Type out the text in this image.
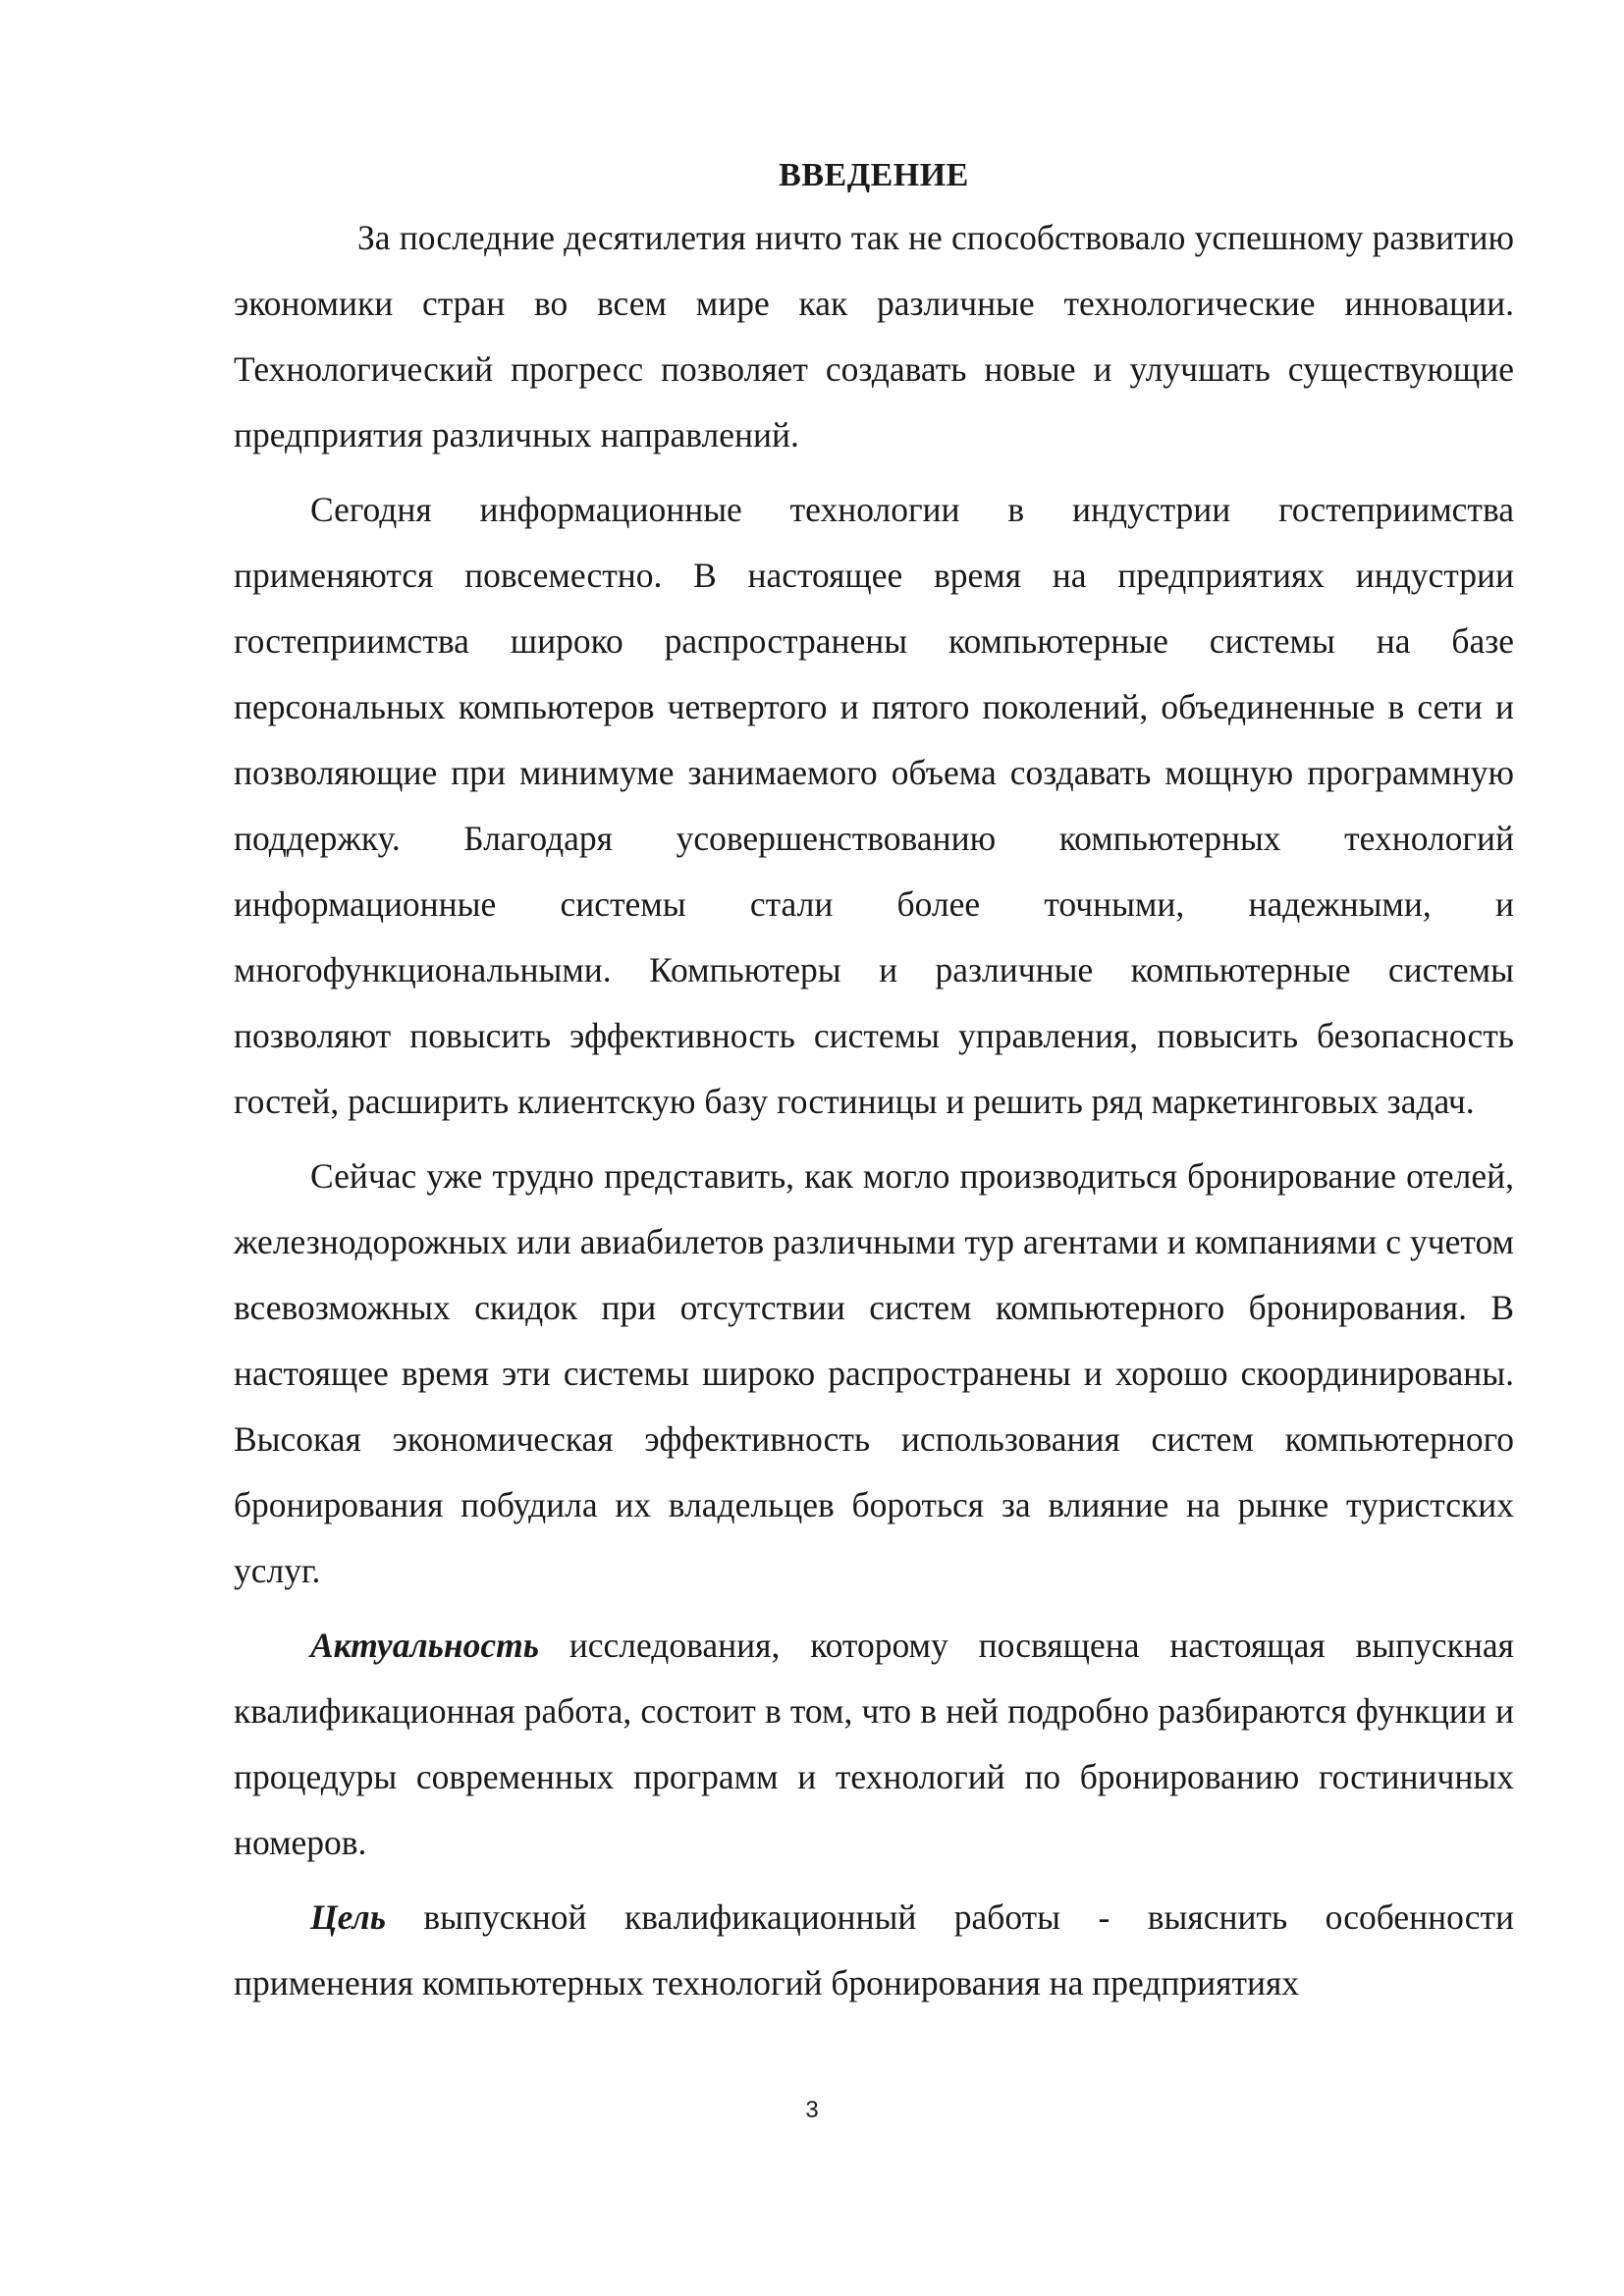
ВВЕДЕНИЕ

За последние десятилетия ничто так не способствовало успешному развитию экономики стран во всем мире как различные технологические инновации. Технологический прогресс позволяет создавать новые и улучшать существующие предприятия различных направлений.

Сегодня информационные технологии в индустрии гостеприимства применяются повсеместно. В настоящее время на предприятиях индустрии гостеприимства широко распространены компьютерные системы на базе персональных компьютеров четвертого и пятого поколений, объединенные в сети и позволяющие при минимуме занимаемого объема создавать мощную программную поддержку. Благодаря усовершенствованию компьютерных технологий информационные системы стали более точными, надежными, и многофункциональными. Компьютеры и различные компьютерные системы позволяют повысить эффективность системы управления, повысить безопасность гостей, расширить клиентскую базу гостиницы и решить ряд маркетинговых задач.

Сейчас уже трудно представить, как могло производиться бронирование отелей, железнодорожных или авиабилетов различными тур агентами и компаниями с учетом всевозможных скидок при отсутствии систем компьютерного бронирования. В настоящее время эти системы широко распространены и хорошо скоординированы. Высокая экономическая эффективность использования систем компьютерного бронирования побудила их владельцев бороться за влияние на рынке туристских услуг.

Актуальность исследования, которому посвящена настоящая выпускная квалификационная работа, состоит в том, что в ней подробно разбираются функции и процедуры современных программ и технологий по бронированию гостиничных номеров.

Цель выпускной квалификационный работы - выяснить особенности применения компьютерных технологий бронирования на предприятиях

3
